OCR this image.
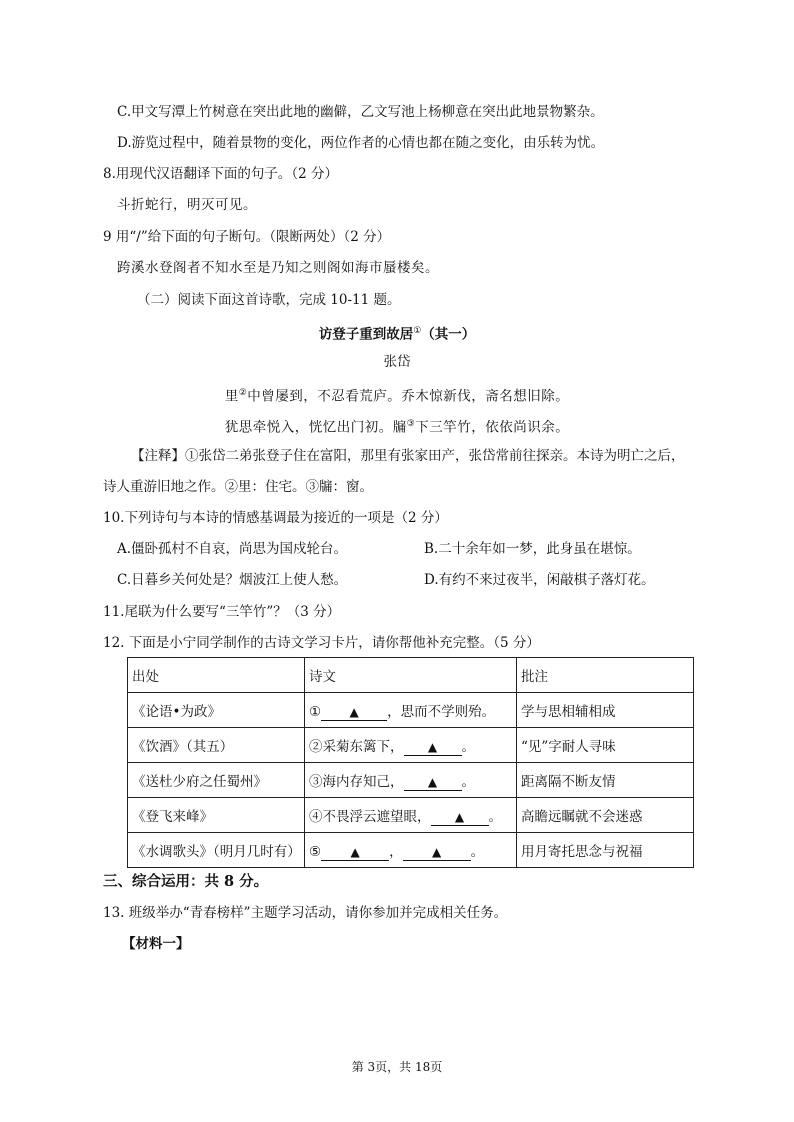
C.甲文写潭上竹树意在突出此地的幽僻，乙文写池上杨柳意在突出此地景物繁杂。
D.游览过程中，随着景物的变化，两位作者的心情也都在随之变化，由乐转为忧。
8.用现代汉语翻译下面的句子。（2 分）
斗折蛇行，明灭可见。
9 用“/”给下面的句子断句。（限断两处）（2 分）
跨溪水登阁者不知水至是乃知之则阁如海市蜃楼矣。
（二）阅读下面这首诗歌，完成 10-11 题。
访登子重到故居①（其一）
张岱
里②中曾屡到，不忍看荒庐。乔木惊新伐，斋名想旧除。
犹思牵悦入，恍忆出门初。牖③下三竿竹，依依尚识余。
【注释】①张岱二弟张登子住在富阳，那里有张家田产，张岱常前往探亲。本诗为明亡之后，
诗人重游旧地之作。②里：住宅。③牖：窗。
10.下列诗句与本诗的情感基调最为接近的一项是（2 分）
A.僵卧孤村不自哀，尚思为国戍轮台。	B.二十余年如一梦，此身虽在堪惊。
C.日暮乡关何处是？烟波江上使人愁。	D.有约不来过夜半，闲敲棋子落灯花。
11.尾联为什么要写“三竿竹”？（3 分）
12. 下面是小宁同学制作的古诗文学习卡片，请你帮他补充完整。（5 分）
出处	诗文	批注
《论语•为政》	① ▲ ，思而不学则殆。	学与思相辅相成
《饮酒》（其五）	②采菊东篱下， ▲ 。	“见”字耐人寻味
《送杜少府之任蜀州》	③海内存知己， ▲ 。	距离隔不断友情
《登飞来峰》	④不畏浮云遮望眼， ▲ 。	高瞻远瞩就不会迷惑
《水调歌头》（明月几时有）	⑤ ▲ ， ▲ 。	用月寄托思念与祝福
三、综合运用：共 8 分。
13. 班级举办“青春榜样”主题学习活动，请你参加并完成相关任务。
【材料一】
第 3页，共 18页
